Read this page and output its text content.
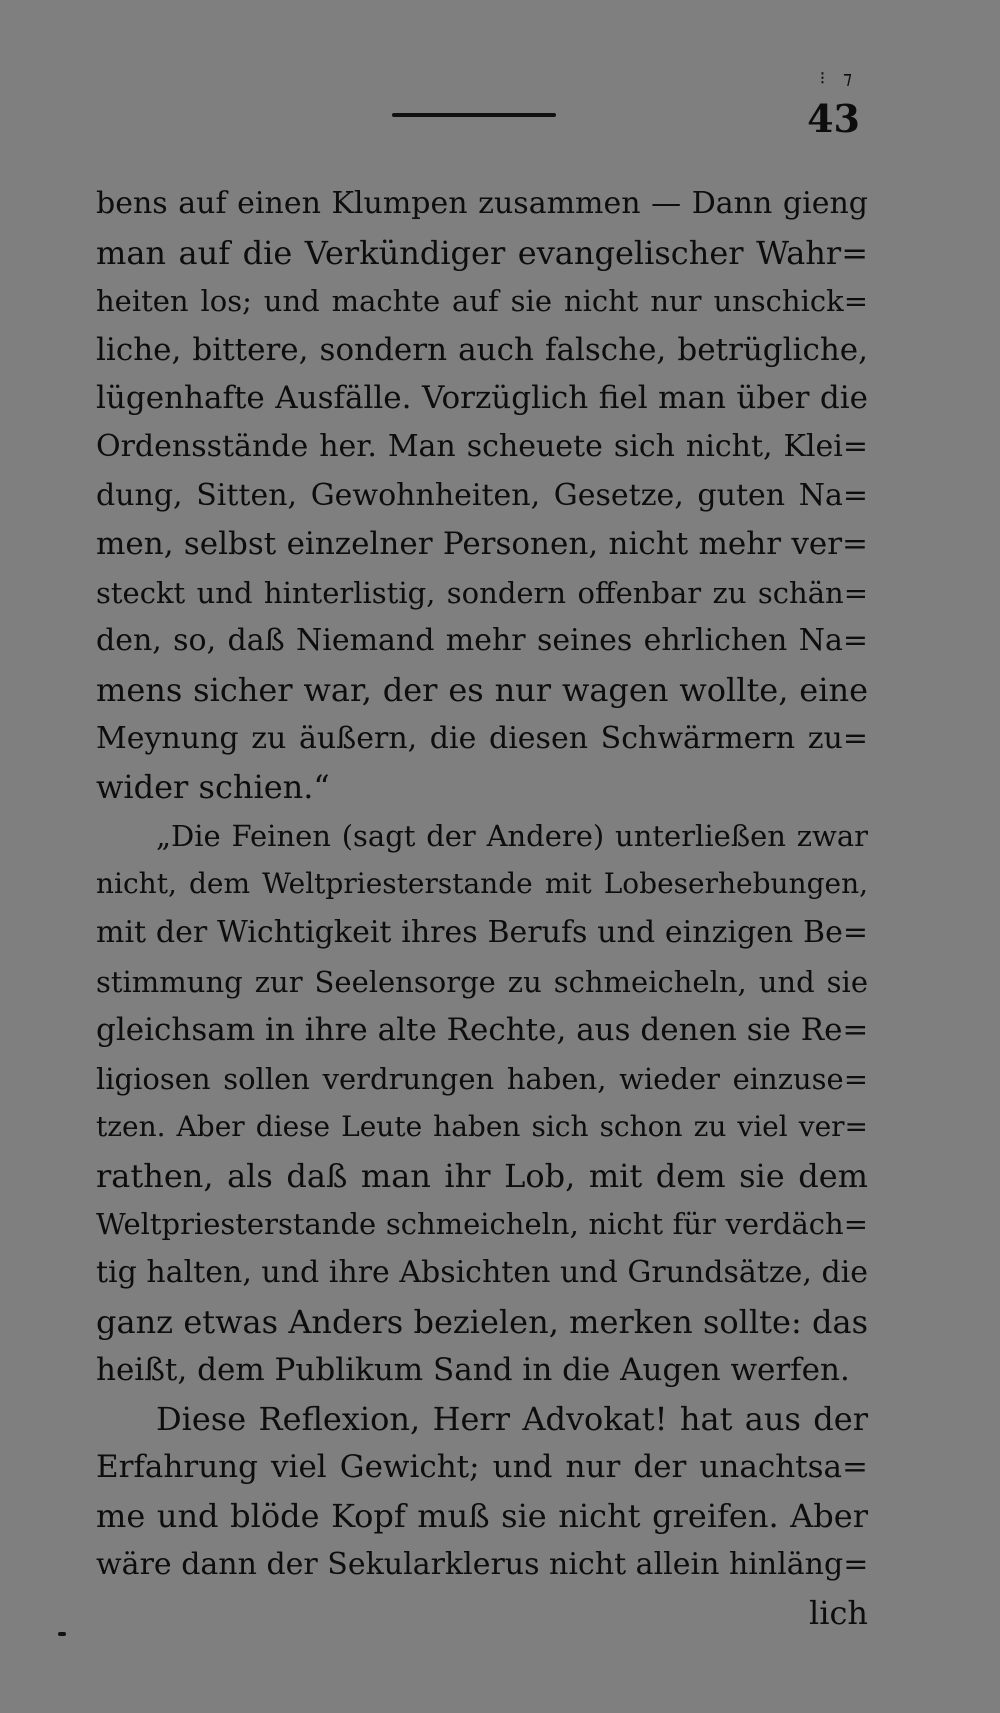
⁝ ⁊
43
bens auf einen Klumpen zusammen — Dann gieng
man auf die Verkündiger evangelischer Wahr=
heiten los; und machte auf sie nicht nur unschick=
liche, bittere, sondern auch falsche, betrügliche,
lügenhafte Ausfälle. Vorzüglich fiel man über die
Ordensstände her. Man scheuete sich nicht, Klei=
dung, Sitten, Gewohnheiten, Gesetze, guten Na=
men, selbst einzelner Personen, nicht mehr ver=
steckt und hinterlistig, sondern offenbar zu schän=
den, so, daß Niemand mehr seines ehrlichen Na=
mens sicher war, der es nur wagen wollte, eine
Meynung zu äußern, die diesen Schwärmern zu=
wider schien.“
„Die Feinen (sagt der Andere) unterließen zwar
nicht, dem Weltpriesterstande mit Lobeserhebungen,
mit der Wichtigkeit ihres Berufs und einzigen Be=
stimmung zur Seelensorge zu schmeicheln, und sie
gleichsam in ihre alte Rechte, aus denen sie Re=
ligiosen sollen verdrungen haben, wieder einzuse=
tzen. Aber diese Leute haben sich schon zu viel ver=
rathen, als daß man ihr Lob, mit dem sie dem
Weltpriesterstande schmeicheln, nicht für verdäch=
tig halten, und ihre Absichten und Grundsätze, die
ganz etwas Anders bezielen, merken sollte: das
heißt, dem Publikum Sand in die Augen werfen.
Diese Reflexion, Herr Advokat! hat aus der
Erfahrung viel Gewicht; und nur der unachtsa=
me und blöde Kopf muß sie nicht greifen. Aber
wäre dann der Sekularklerus nicht allein hinläng=
lich
